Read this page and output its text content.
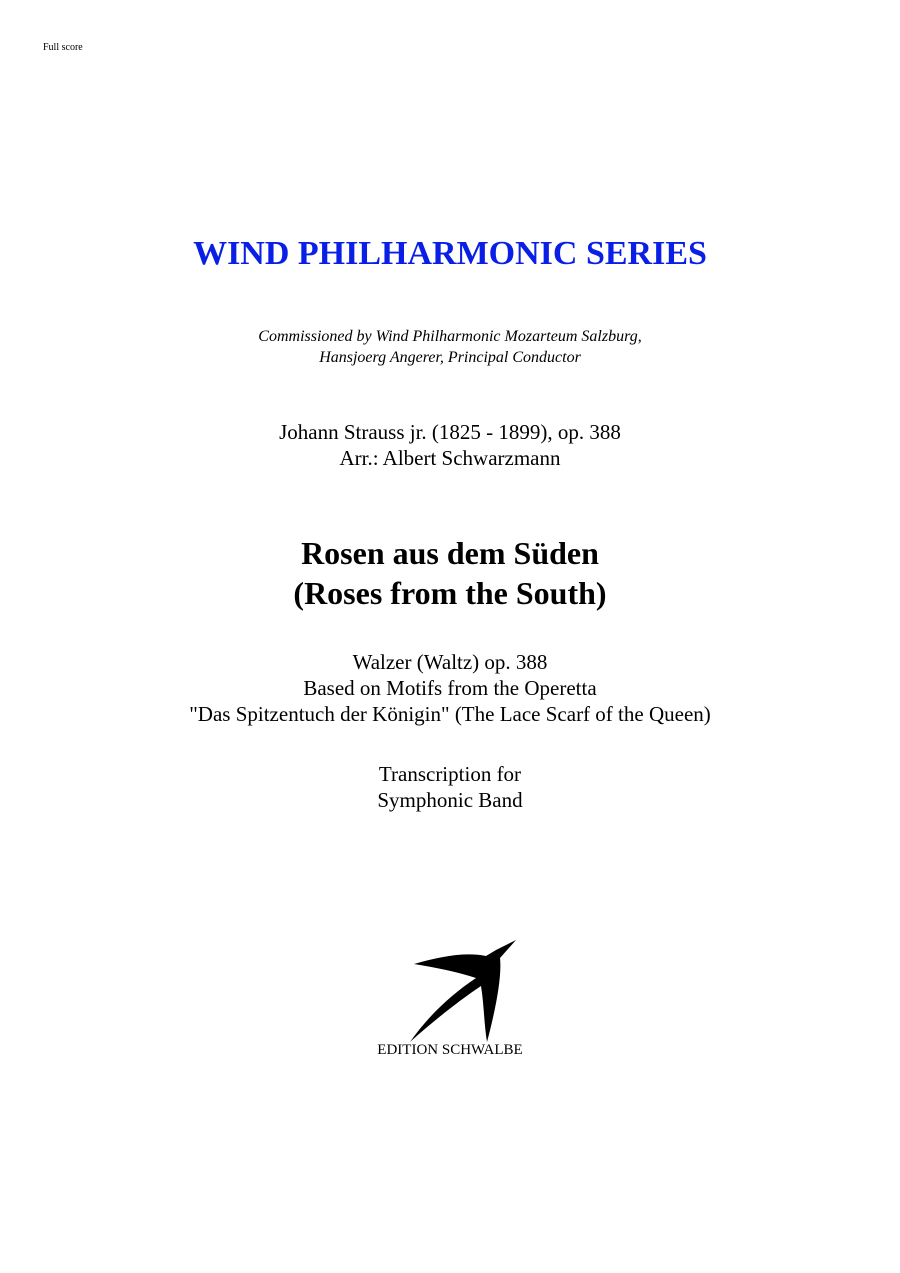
Full score
WIND PHILHARMONIC SERIES
Commissioned by Wind Philharmonic Mozarteum Salzburg,
Hansjoerg Angerer, Principal Conductor
Johann Strauss jr. (1825 - 1899), op. 388
Arr.: Albert Schwarzmann
Rosen aus dem Süden
(Roses from the South)
Walzer (Waltz) op. 388
Based on Motifs from the Operetta
"Das Spitzentuch der Königin" (The Lace Scarf of the Queen)
Transcription for
Symphonic Band
EDITION SCHWALBE
